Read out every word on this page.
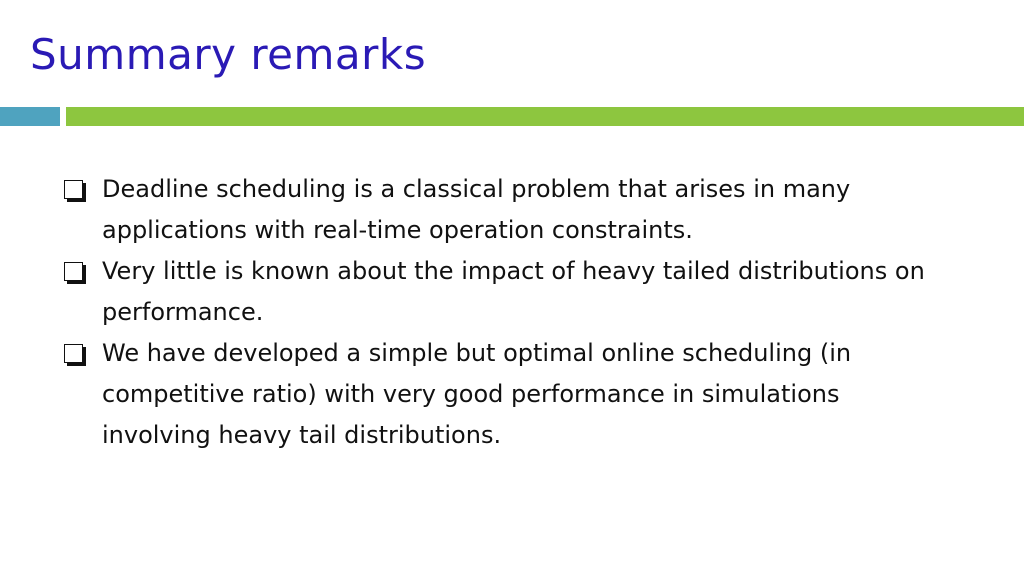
Summary remarks
Deadline scheduling is a classical problem that arises in many applications with real-time operation constraints.
Very little is known about the impact of heavy tailed distributions on performance.
We have developed a simple but optimal online scheduling (in competitive ratio) with very good performance in simulations involving heavy tail distributions.
